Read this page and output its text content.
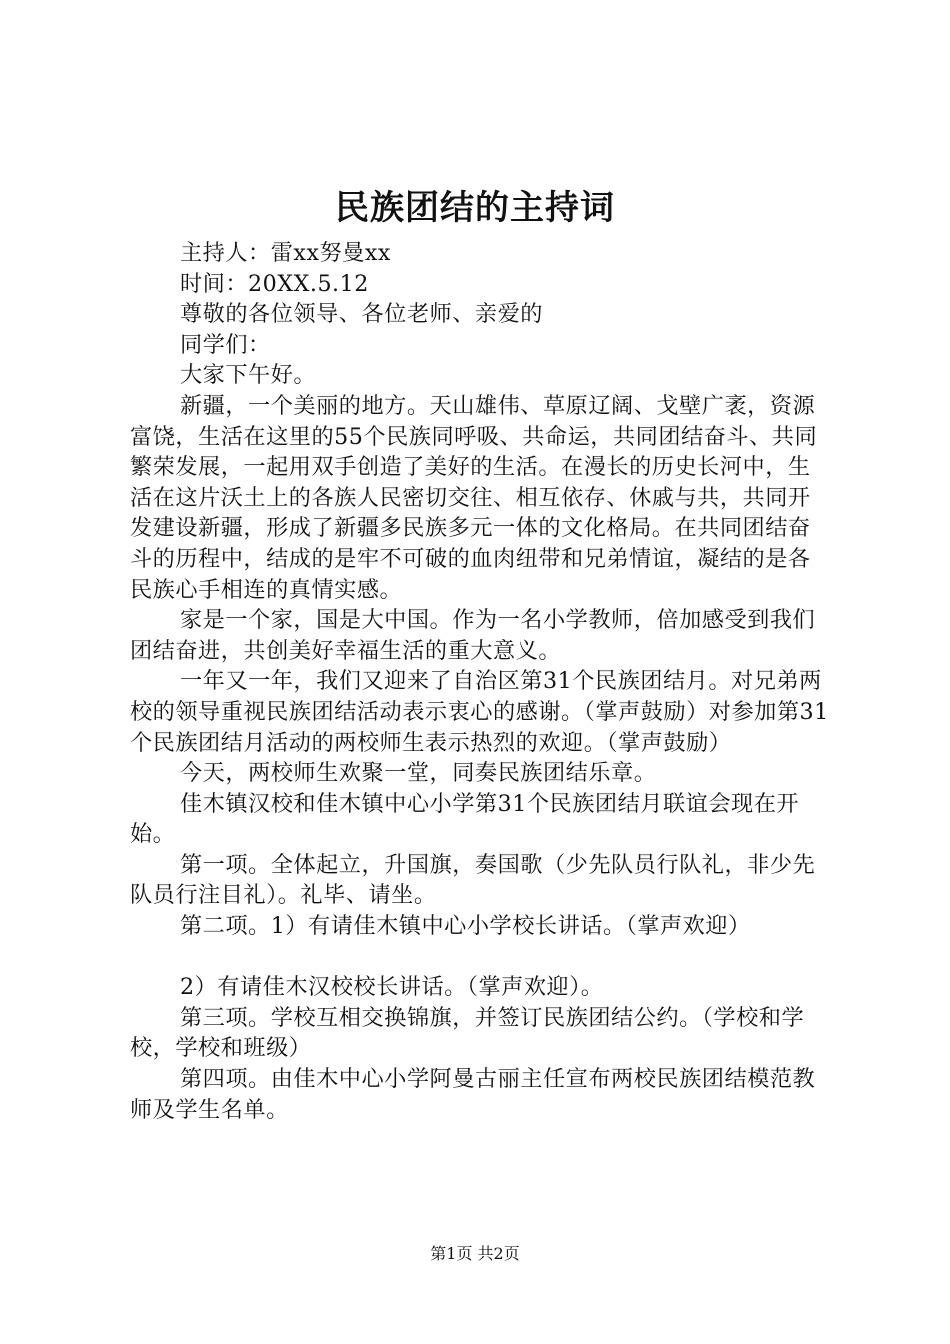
民族团结的主持词

主持人：雷xx努曼xx

时间：20XX.5.12

尊敬的各位领导、各位老师、亲爱的

同学们：

大家下午好。

新疆，一个美丽的地方。天山雄伟、草原辽阔、戈壁广袤，资源富饶，生活在这里的55个民族同呼吸、共命运，共同团结奋斗、共同繁荣发展，一起用双手创造了美好的生活。在漫长的历史长河中，生活在这片沃土上的各族人民密切交往、相互依存、休戚与共，共同开发建设新疆，形成了新疆多民族多元一体的文化格局。在共同团结奋斗的历程中，结成的是牢不可破的血肉纽带和兄弟情谊，凝结的是各民族心手相连的真情实感。

家是一个家，国是大中国。作为一名小学教师，倍加感受到我们团结奋进，共创美好幸福生活的重大意义。

一年又一年，我们又迎来了自治区第31个民族团结月。对兄弟两校的领导重视民族团结活动表示衷心的感谢。（掌声鼓励）对参加第31个民族团结月活动的两校师生表示热烈的欢迎。（掌声鼓励）

今天，两校师生欢聚一堂，同奏民族团结乐章。

佳木镇汉校和佳木镇中心小学第31个民族团结月联谊会现在开始。

第一项。全体起立，升国旗，奏国歌（少先队员行队礼，非少先队员行注目礼）。礼毕、请坐。

第二项。1）有请佳木镇中心小学校长讲话。（掌声欢迎）

2）有请佳木汉校校长讲话。（掌声欢迎）。

第三项。学校互相交换锦旗，并签订民族团结公约。（学校和学校，学校和班级）

第四项。由佳木中心小学阿曼古丽主任宣布两校民族团结模范教师及学生名单。

第1页 共2页
